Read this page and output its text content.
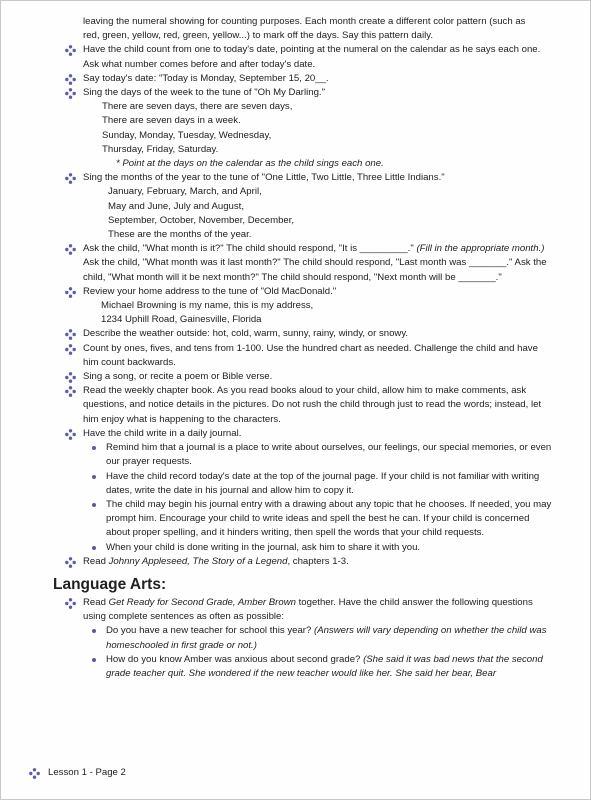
leaving the numeral showing for counting purposes. Each month create a different color pattern (such as red, green, yellow, red, green, yellow...) to mark off the days. Say this pattern daily.

Have the child count from one to today's date, pointing at the numeral on the calendar as he says each one. Ask what number comes before and after today's date.
Say today's date: "Today is Monday, September 15, 20__.
Sing the days of the week to the tune of "Oh My Darling."

There are seven days, there are seven days,

There are seven days in a week.

Sunday, Monday, Tuesday, Wednesday,

Thursday, Friday, Saturday.

* Point at the days on the calendar as the child sings each one.

Sing the months of the year to the tune of "One Little, Two Little, Three Little Indians."

January, February, March, and April,

May and June, July and August,

September, October, November, December,

These are the months of the year.

Ask the child, "What month is it?" The child should respond, "It is _________." (Fill in the appropriate month.) Ask the child, "What month was it last month?" The child should respond, "Last month was _______." Ask the child, "What month will it be next month?" The child should respond, "Next month will be _______."
Review your home address to the tune of "Old MacDonald."

Michael Browning is my name, this is my address,

1234 Uphill Road, Gainesville, Florida

Describe the weather outside: hot, cold, warm, sunny, rainy, windy, or snowy.
Count by ones, fives, and tens from 1-100. Use the hundred chart as needed. Challenge the child and have him count backwards.
Sing a song, or recite a poem or Bible verse.
Read the weekly chapter book. As you read books aloud to your child, allow him to make comments, ask questions, and notice details in the pictures. Do not rush the child through just to read the words; instead, let him enjoy what is happening to the characters.
Have the child write in a daily journal.
Remind him that a journal is a place to write about ourselves, our feelings, our special memories, or even our prayer requests.
Have the child record today's date at the top of the journal page. If your child is not familiar with writing dates, write the date in his journal and allow him to copy it.
The child may begin his journal entry with a drawing about any topic that he chooses. If needed, you may prompt him. Encourage your child to write ideas and spell the best he can. If your child is concerned about proper spelling, and it hinders writing, then spell the words that your child requests.
When your child is done writing in the journal, ask him to share it with you.
Read Johnny Appleseed, The Story of a Legend, chapters 1-3.
Language Arts:
Read Get Ready for Second Grade, Amber Brown together. Have the child answer the following questions using complete sentences as often as possible:
Do you have a new teacher for school this year? (Answers will vary depending on whether the child was homeschooled in first grade or not.)
How do you know Amber was anxious about second grade? (She said it was bad news that the second grade teacher quit. She wondered if the new teacher would like her. She said her bear, Bear
Lesson 1 - Page 2
